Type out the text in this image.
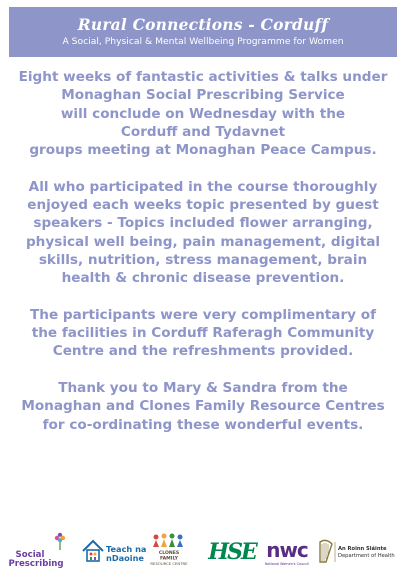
Rural Connections - Corduff
A Social, Physical & Mental Wellbeing Programme for Women
Eight weeks of fantastic activities & talks under
Monaghan Social Prescribing Service
will conclude on Wednesday with the
Corduff and Tydavnet
groups meeting at Monaghan Peace Campus.
All who participated in the course thoroughly
enjoyed each weeks topic presented by guest
speakers - Topics included flower arranging,
physical well being, pain management, digital
skills, nutrition, stress management, brain
health & chronic disease prevention.
The participants were very complimentary of
the facilities in Corduff Raferagh Community
Centre and the refreshments provided.
Thank you to Mary & Sandra from the
Monaghan and Clones Family Resource Centres
for co-ordinating these wonderful events.
Social
Prescribing
Teach na
nDaoine	CLONES
FAMILY
RESOURCE CENTRE HSE nwc
National Women's Council
An Roinn Sláinte
Department of Health
